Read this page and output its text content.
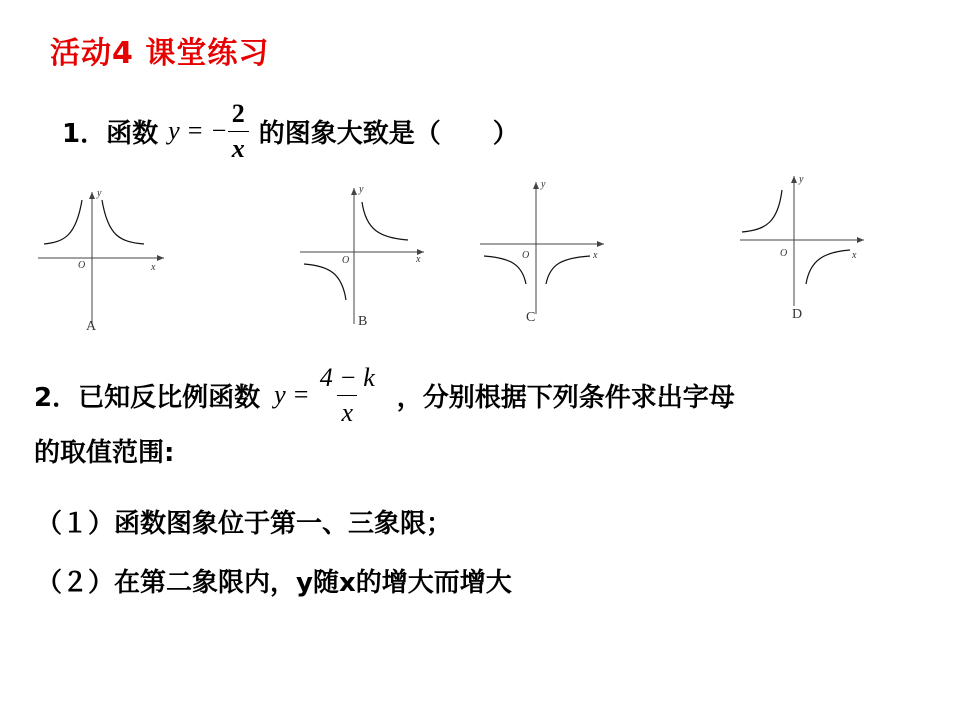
活动4 课堂练习
1．函数 y = − $\frac{2}{x}$ 的图象大致是（　　）
x
y
O
A
x
y
O
B
x
y
O
C
x
y
O
D
2．已知反比例函数 $y = \frac{4 - k}{x}$ ，分别根据下列条件求出字母
的取值范围:
（１）函数图象位于第一、三象限；
（２）在第二象限内，y随x的增大而增大
